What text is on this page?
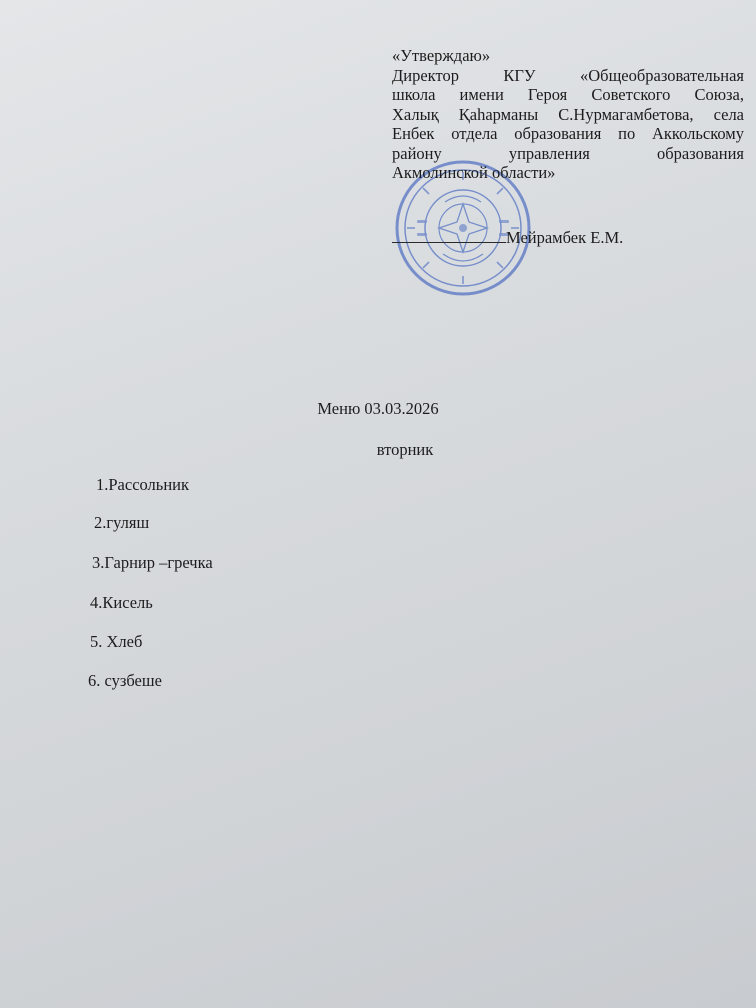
«Утверждаю»
Директор КГУ «Общеобразовательная
школа имени Героя Советского Союза,
Халық Қаһарманы С.Нурмагамбетова, села
Енбек отдела образования по Аккольскому
району управления образования
Акмолинской области»
Мейрамбек Е.М.
Меню 03.03.2026
вторник
1.Рассольник
2.гуляш
3.Гарнир –гречка
4.Кисель
5. Хлеб
6. сузбеше
